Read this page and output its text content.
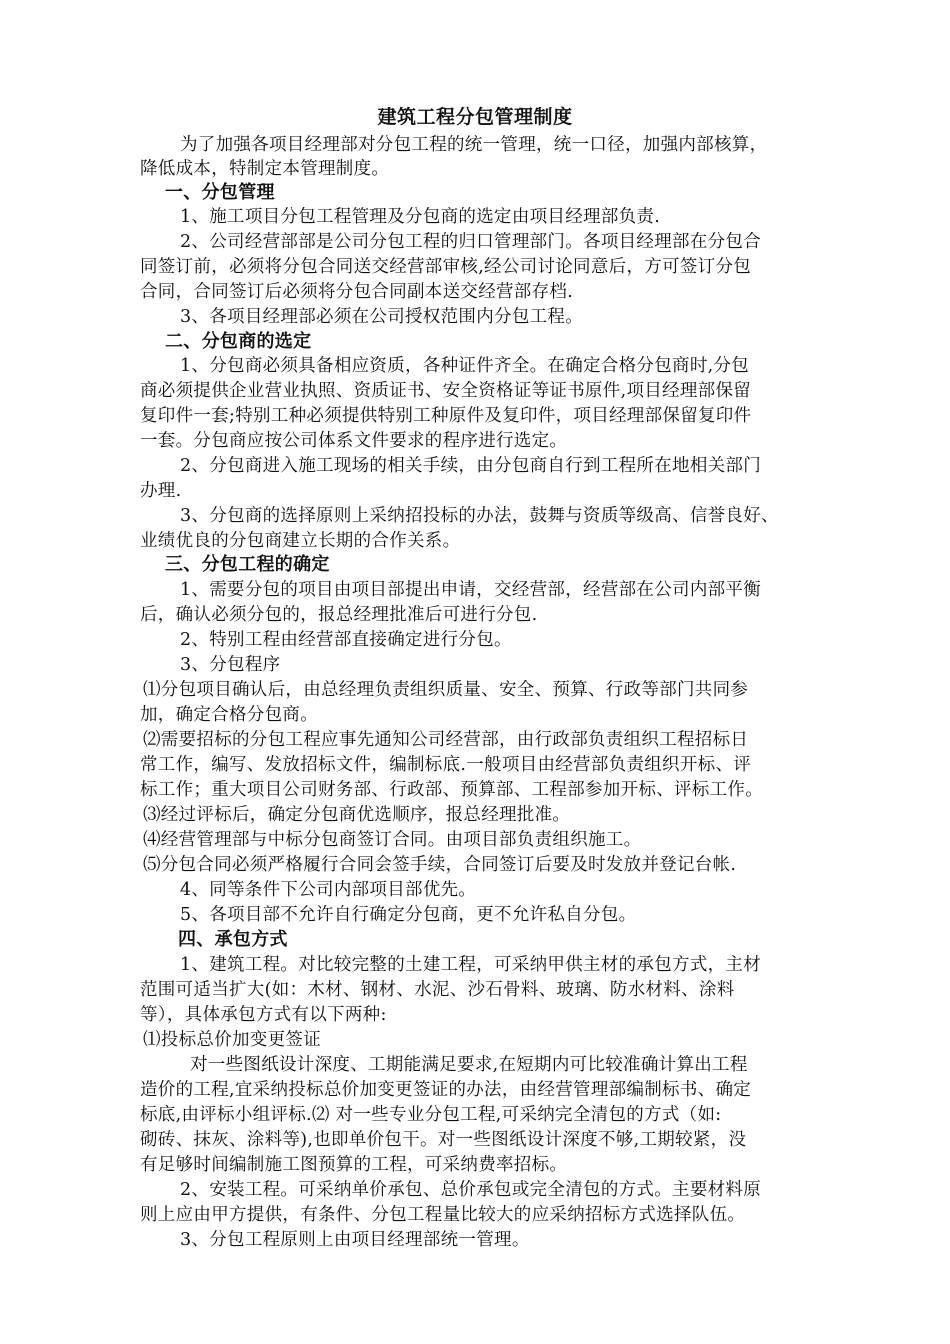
建筑工程分包管理制度
为了加强各项目经理部对分包工程的统一管理，统一口径，加强内部核算，
降低成本，特制定本管理制度。
一、分包管理
1、施工项目分包工程管理及分包商的选定由项目经理部负责.
2、公司经营部部是公司分包工程的归口管理部门。各项目经理部在分包合
同签订前，必须将分包合同送交经营部审核,经公司讨论同意后，方可签订分包
合同，合同签订后必须将分包合同副本送交经营部存档.
3、各项目经理部必须在公司授权范围内分包工程。
二、分包商的选定
1、分包商必须具备相应资质，各种证件齐全。在确定合格分包商时,分包
商必须提供企业营业执照、资质证书、安全资格证等证书原件,项目经理部保留
复印件一套;特别工种必须提供特别工种原件及复印件，项目经理部保留复印件
一套。分包商应按公司体系文件要求的程序进行选定。
2、分包商进入施工现场的相关手续，由分包商自行到工程所在地相关部门
办理.
3、分包商的选择原则上采纳招投标的办法，鼓舞与资质等级高、信誉良好、
业绩优良的分包商建立长期的合作关系。
三、分包工程的确定
1、需要分包的项目由项目部提出申请，交经营部，经营部在公司内部平衡
后，确认必须分包的，报总经理批准后可进行分包.
2、特别工程由经营部直接确定进行分包。
3、分包程序
⑴分包项目确认后，由总经理负责组织质量、安全、预算、行政等部门共同参
加，确定合格分包商。
⑵需要招标的分包工程应事先通知公司经营部，由行政部负责组织工程招标日
常工作，编写、发放招标文件，编制标底.一般项目由经营部负责组织开标、评
标工作；重大项目公司财务部、行政部、预算部、工程部参加开标、评标工作。
⑶经过评标后，确定分包商优选顺序，报总经理批准。
⑷经营管理部与中标分包商签订合同。由项目部负责组织施工。
⑸分包合同必须严格履行合同会签手续，合同签订后要及时发放并登记台帐.
4、同等条件下公司内部项目部优先。
5、各项目部不允许自行确定分包商，更不允许私自分包。
四、承包方式
1、建筑工程。对比较完整的土建工程，可采纳甲供主材的承包方式，主材
范围可适当扩大(如：木材、钢材、水泥、沙石骨料、玻璃、防水材料、涂料
等），具体承包方式有以下两种:
⑴投标总价加变更签证
对一些图纸设计深度、工期能满足要求,在短期内可比较准确计算出工程
造价的工程,宜采纳投标总价加变更签证的办法，由经营管理部编制标书、确定
标底,由评标小组评标.⑵ 对一些专业分包工程,可采纳完全清包的方式（如:
砌砖、抹灰、涂料等),也即单价包干。对一些图纸设计深度不够,工期较紧，没
有足够时间编制施工图预算的工程，可采纳费率招标。
2、安装工程。可采纳单价承包、总价承包或完全清包的方式。主要材料原
则上应由甲方提供，有条件、分包工程量比较大的应采纳招标方式选择队伍。
3、分包工程原则上由项目经理部统一管理。
